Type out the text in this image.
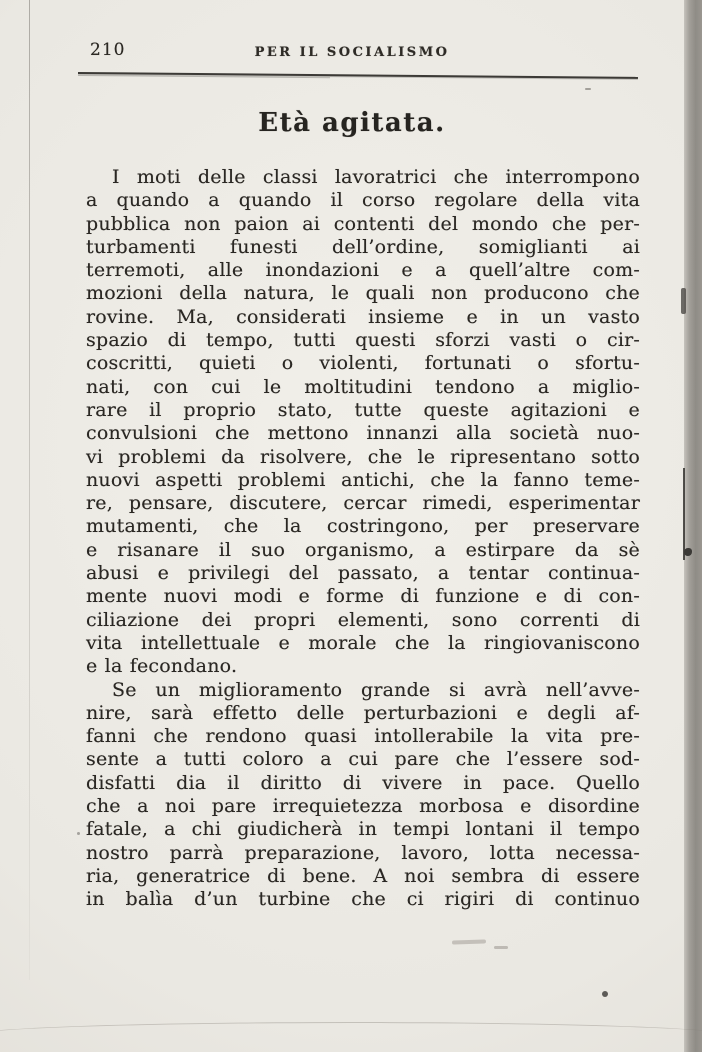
210	PER IL SOCIALISMO
Età agitata.
I moti delle classi lavoratrici che interrompono
a quando a quando il corso regolare della vita
pubblica non paion ai contenti del mondo che per-
turbamenti funesti dell’ordine, somiglianti ai
terremoti, alle inondazioni e a quell’altre com-
mozioni della natura, le quali non producono che
rovine. Ma, considerati insieme e in un vasto
spazio di tempo, tutti questi sforzi vasti o cir-
coscritti, quieti o violenti, fortunati o sfortu-
nati, con cui le moltitudini tendono a miglio-
rare il proprio stato, tutte queste agitazioni e
convulsioni che mettono innanzi alla società nuo-
vi problemi da risolvere, che le ripresentano sotto
nuovi aspetti problemi antichi, che la fanno teme-
re, pensare, discutere, cercar rimedi, esperimentar
mutamenti, che la costringono, per preservare
e risanare il suo organismo, a estirpare da sè
abusi e privilegi del passato, a tentar continua-
mente nuovi modi e forme di funzione e di con-
ciliazione dei propri elementi, sono correnti di
vita intellettuale e morale che la ringiovaniscono
e la fecondano.
Se un miglioramento grande si avrà nell’avve-
nire, sarà effetto delle perturbazioni e degli af-
fanni che rendono quasi intollerabile la vita pre-
sente a tutti coloro a cui pare che l’essere sod-
disfatti dia il diritto di vivere in pace. Quello
che a noi pare irrequietezza morbosa e disordine
fatale, a chi giudicherà in tempi lontani il tempo
nostro parrà preparazione, lavoro, lotta necessa-
ria, generatrice di bene. A noi sembra di essere
in balìa d’un turbine che ci rigiri di continuo
